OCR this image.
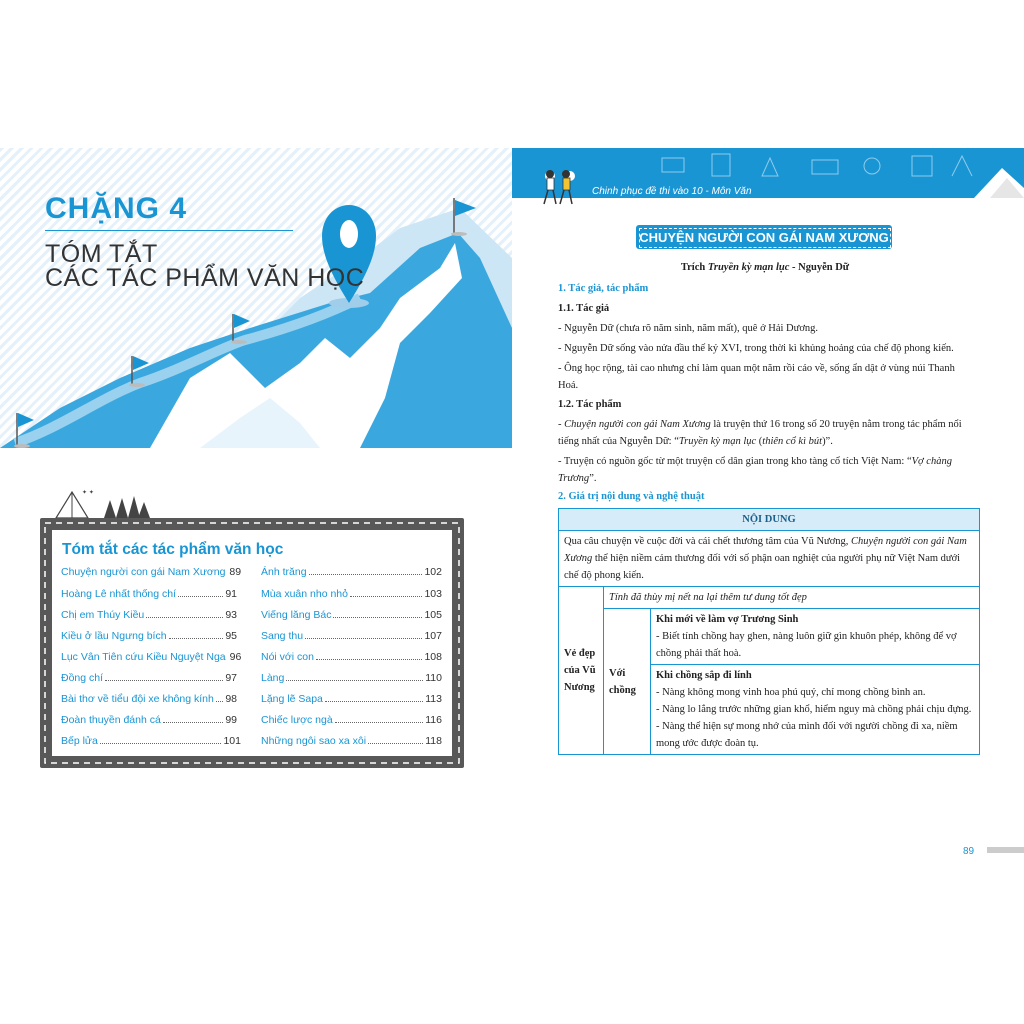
CHẶNG 4
TÓM TẮT
CÁC TÁC PHẨM VĂN HỌC
✦ ✦
Tóm tắt các tác phẩm văn học
Chuyện người con gái Nam Xương 89
Hoàng Lê nhất thống chí	91
Chị em Thúy Kiều	93
Kiều ở lầu Ngưng bích	95
Lục Vân Tiên cứu Kiều Nguyệt Nga 96
Đồng chí	97
Bài thơ về tiểu đội xe không kính 98
Đoàn thuyền đánh cá	99
Bếp lửa	101
Ánh trăng	102
Mùa xuân nho nhỏ	103
Viếng lăng Bác	105
Sang thu	107
Nói với con	108
Làng	110
Lặng lẽ Sapa	113
Chiếc lược ngà	116
Những ngôi sao xa xôi	118
Chinh phục đề thi vào 10 - Môn Văn
CHUYỆN NGƯỜI CON GÁI NAM XƯƠNG
Trích Truyền kỳ mạn lục - Nguyễn Dữ
1. Tác giả, tác phẩm
1.1. Tác giả
- Nguyễn Dữ (chưa rõ năm sinh, năm mất), quê ở Hải Dương.
- Nguyễn Dữ sống vào nửa đầu thế kỷ XVI, trong thời kì khủng hoảng của chế độ phong kiến.
- Ông học rộng, tài cao nhưng chỉ làm quan một năm rồi cáo về, sống ẩn dật ở vùng núi Thanh Hoá.
1.2. Tác phẩm
- Chuyện người con gái Nam Xương là truyện thứ 16 trong số 20 truyện nằm trong tác phẩm nổi tiếng nhất của Nguyễn Dữ: “Truyền kỳ mạn lục (thiên cổ kì bút)”.
- Truyện có nguồn gốc từ một truyện cổ dân gian trong kho tàng cổ tích Việt Nam: “Vợ chàng Trương”.
2. Giá trị nội dung và nghệ thuật
NỘI DUNG		
Qua câu chuyện về cuộc đời và cái chết thương tâm của Vũ Nương, Chuyện người con gái Nam Xương thể hiện niềm cảm thương đối với số phận oan nghiệt của người phụ nữ Việt Nam dưới chế độ phong kiến.		
Vẻ đẹp của Vũ Nương	Tính đã thùy mị nết na lại thêm tư dung tốt đẹp	
	Với chồng	Khi mới về làm vợ Trương Sinh
- Biết tính chồng hay ghen, nàng luôn giữ gìn khuôn phép, không để vợ chồng phải thất hoà.

		Khi chồng sắp đi lính
- Nàng không mong vinh hoa phú quý, chỉ mong chồng bình an.
- Nàng lo lắng trước những gian khổ, hiểm nguy mà chồng phải chịu đựng.
- Nàng thể hiện sự mong nhớ của mình đối với người chồng đi xa, niềm mong ước được đoàn tụ.
89
